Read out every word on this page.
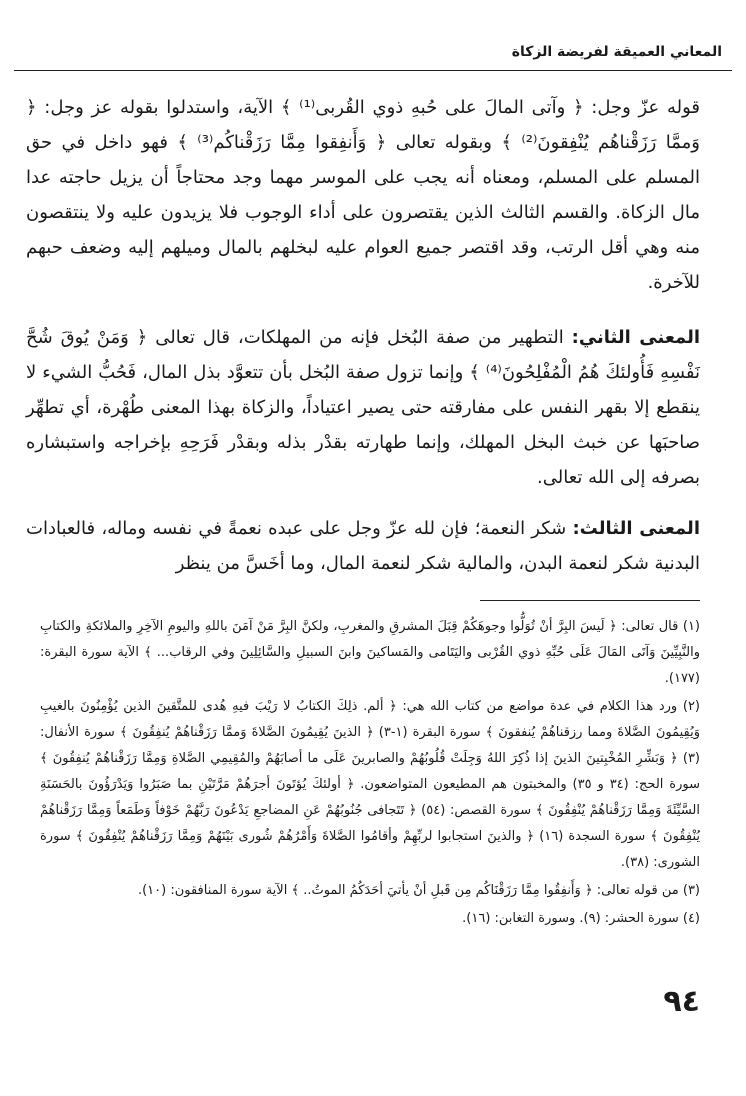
المعاني العميقة لفريضة الزكاة

قوله عزّ وجل: ﴿ وآتى المالَ على حُبهِ ذوي القُربى⁽¹⁾ ﴾ الآية، واستدلوا بقوله عز وجل: ﴿ وَممَّا رَزَقْناهُم يُنْفِقونَ⁽²⁾ ﴾ وبقوله تعالى ﴿ وَأَنفِقوا مِمَّا رَزَقْناكُم⁽³⁾ ﴾ فهو داخل في حق المسلم على المسلم، ومعناه أنه يجب على الموسر مهما وجد محتاجاً أن يزيل حاجته عدا مال الزكاة. والقسم الثالث الذين يقتصرون على أداء الوجوب فلا يزيدون عليه ولا ينتقصون منه وهي أقل الرتب، وقد اقتصر جميع العوام عليه لبخلهم بالمال وميلهم إليه وضعف حبهم للآخرة.

المعنى الثاني: التطهير من صفة البُخل فإنه من المهلكات، قال تعالى ﴿ وَمَنْ يُوقَ شُحَّ نَفْسِهِ فَأُولئكَ هُمُ الْمُفْلِحُونَ⁽⁴⁾ ﴾ وإنما تزول صفة البُخل بأن تتعوَّد بذل المال، فَحُبُّ الشيء لا ينقطع إلا بقهر النفس على مفارقته حتى يصير اعتياداً، والزكاة بهذا المعنى طُهْرة، أي تطهِّر صاحبَها عن خبث البخل المهلك، وإنما طهارته بقدْر بذله وبقدْر فَرَحِهِ بإخراجه واستبشاره بصرفه إلى الله تعالى.

المعنى الثالث: شكر النعمة؛ فإن لله عزّ وجل على عبده نعمةً في نفسه وماله، فالعبادات البدنية شكر لنعمة البدن، والمالية شكر لنعمة المال، وما أخَسَّ من ينظر

(١) قال تعالى: ﴿ لَيسَ البِرَّ أنْ تُوَلُّوا وجوهَكُمْ قِبَلَ المشرقِ والمغربِ، ولكنَّ البِرَّ مَنْ آمَنَ باللهِ واليومِ الآخِرِ والملائكةِ والكتابِ والنَّبِيِّينَ وَآتَى المَالَ عَلَى حُبِّهِ ذوي القُرْبى واليَتَامى والمَساكينَ وابنَ السبيلِ والسَّائِلِينَ وفي الرقاب... ﴾ الآية سورة البقرة: (١٧٧).

(٢) ورد هذا الكلام في عدة مواضع من كتاب الله هي: ﴿ ألم. ذلِكَ الكتابُ لا رَيْبَ فيهِ هُدى للمتَّقينَ الذين يُؤْمِنُونَ بالغيبِ وَيُقِيمُونَ الصَّلاةَ ومما رزقناهُمْ يُنفقونَ ﴾ سورة البقرة (١-٣) ﴿ الذينَ يُقِيمُونَ الصَّلاةَ وَممَّا رَزَقْناهُمْ يُنفِقُونَ ﴾ سورة الأنفال: (٣) ﴿ وَبَشِّرِ المُخْبِتينَ الذينَ إذا ذُكِرَ اللهُ وَجِلَتْ قُلُوبُهُمْ والصابرينَ عَلَى ما أصابَهُمْ والمُقِيمِي الصَّلاةِ وَمِمَّا رَزَقْناهُمْ يُنفِقُونَ ﴾ سورة الحج: (٣٤ و ٣٥) والمخبتون هم المطيعون المتواضعون. ﴿ أولئكَ يُؤتَونَ أجرَهُمْ مَرَّتَيْنِ بما صَبَرُوا وَيَدْرَؤُونَ بالحَسَنَةِ السَّيِّئَةَ وَمِمَّا رَزَقْناهُمْ يُنْفِقُونَ ﴾ سورة القصص: (٥٤) ﴿ تَتَجافى جُنُوبُهُمْ عَنِ المضاجعِ يَدْعُونَ رَبَّهُمْ خَوْفاً وَطَمَعاً وَمِمَّا رَزَقْناهُمْ يُنْفِقُونَ ﴾ سورة السجدة (١٦) ﴿ والذينَ استجابوا لربِّهِمْ وأقامُوا الصَّلاةَ وَأَمْرُهُمْ شُورى بَيْنَهُمْ وَمِمَّا رَزَقْناهُمْ يُنْفِقُونَ ﴾ سورة الشورى: (٣٨).

(٣) من قوله تعالى: ﴿ وَأَنفِقُوا مِمَّا رَزَقْنَاكُم مِن قَبلِ أنْ يأتيَ أحَدَكُمُ الموتُ.. ﴾ الآية سورة المنافقون: (١٠).

(٤) سورة الحشر: (٩). وسورة التغابن: (١٦).

٩٤
